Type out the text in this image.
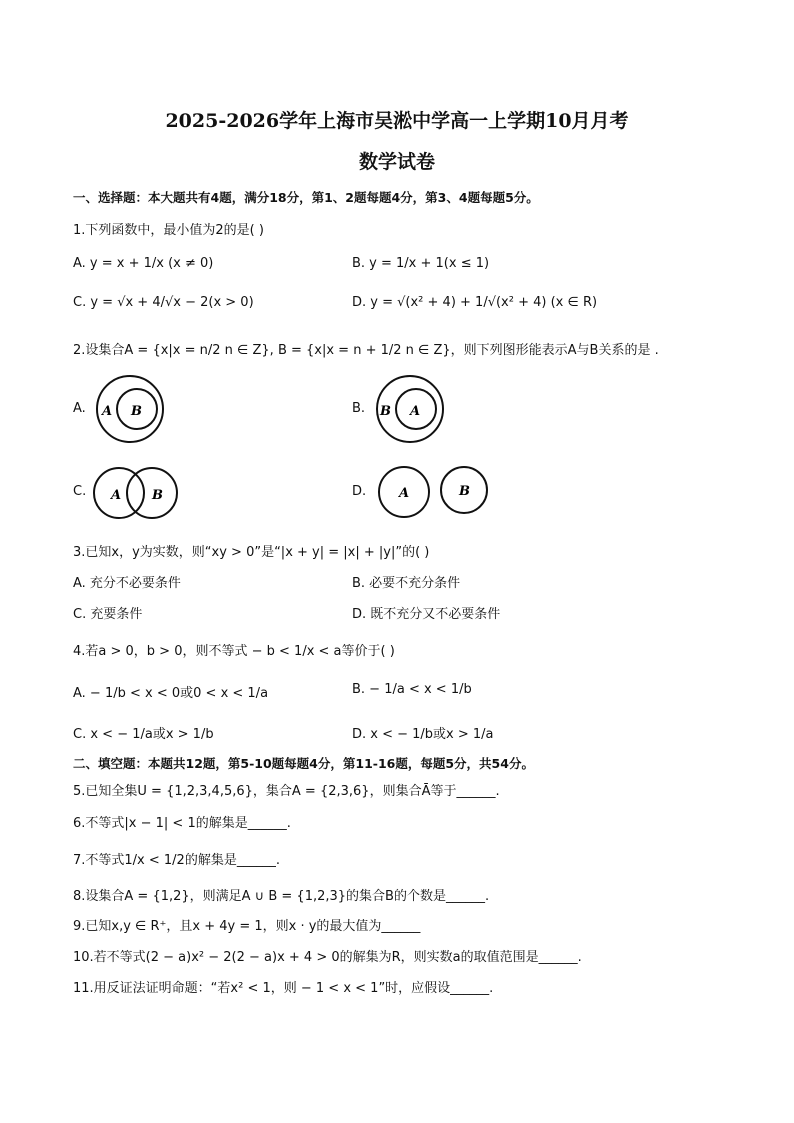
2025-2026学年上海市吴淞中学高一上学期10月月考
数学试卷
一、选择题：本大题共有4题，满分18分，第1、2题每题4分，第3、4题每题5分。
1.下列函数中，最小值为2的是( )
A. y = x + 1/x (x ≠ 0)	B. y = 1/x + 1(x ≤ 1)
C. y = √x + 4/√x − 2(x > 0)	D. y = √(x² + 4) + 1/√(x² + 4) (x ∈ R)
2.设集合A = {x|x = n/2 n ∈ Z}, B = {x|x = n + 1/2 n ∈ Z}，则下列图形能表示A与B关系的是 .
A. A B	B. B A
C. A B	D.	A	B
3.已知x，y为实数，则“xy > 0”是“|x + y| = |x| + |y|”的( )
A. 充分不必要条件	B. 必要不充分条件
C. 充要条件	D. 既不充分又不必要条件
4.若a > 0，b > 0，则不等式 − b < 1/x < a等价于( )
A. − 1/b < x < 0或0 < x < 1/a	B. − 1/a < x < 1/b
C. x < − 1/a或x > 1/b	D. x < − 1/b或x > 1/a
二、填空题：本题共12题，第5-10题每题4分，第11-16题，每题5分，共54分。
5.已知全集U = {1,2,3,4,5,6}，集合A = {2,3,6}，则集合Ā等于______.
6.不等式|x − 1| < 1的解集是______.
7.不等式1/x < 1/2的解集是______.
8.设集合A = {1,2}，则满足A ∪ B = {1,2,3}的集合B的个数是______.
9.已知x,y ∈ R⁺，且x + 4y = 1，则x · y的最大值为______
10.若不等式(2 − a)x² − 2(2 − a)x + 4 > 0的解集为R，则实数a的取值范围是______.
11.用反证法证明命题：“若x² < 1，则 − 1 < x < 1”时，应假设______.
